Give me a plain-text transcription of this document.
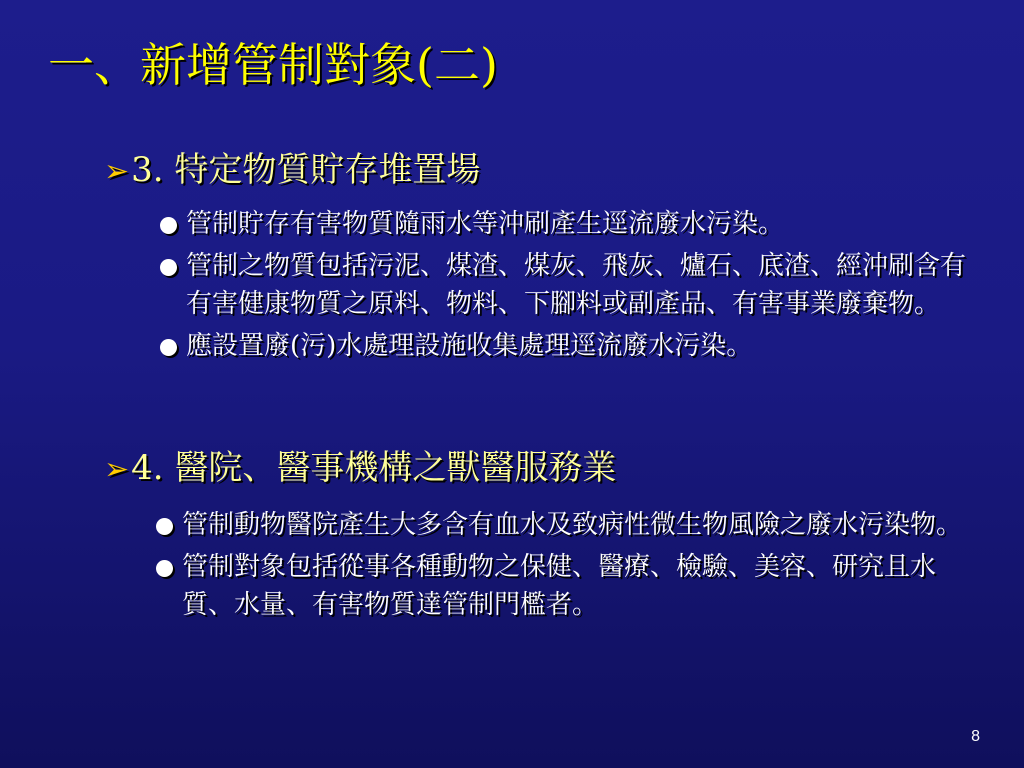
一、新增管制對象(二)
➢3. 特定物質貯存堆置場
管制貯存有害物質隨雨水等沖刷產生逕流廢水污染。
管制之物質包括污泥、煤渣、煤灰、飛灰、爐石、底渣、經沖刷含有有害健康物質之原料、物料、下腳料或副產品、有害事業廢棄物。
應設置廢(污)水處理設施收集處理逕流廢水污染。
➢4. 醫院、醫事機構之獸醫服務業
管制動物醫院產生大多含有血水及致病性微生物風險之廢水污染物。
管制對象包括從事各種動物之保健、醫療、檢驗、美容、研究且水質、水量、有害物質達管制門檻者。
8
